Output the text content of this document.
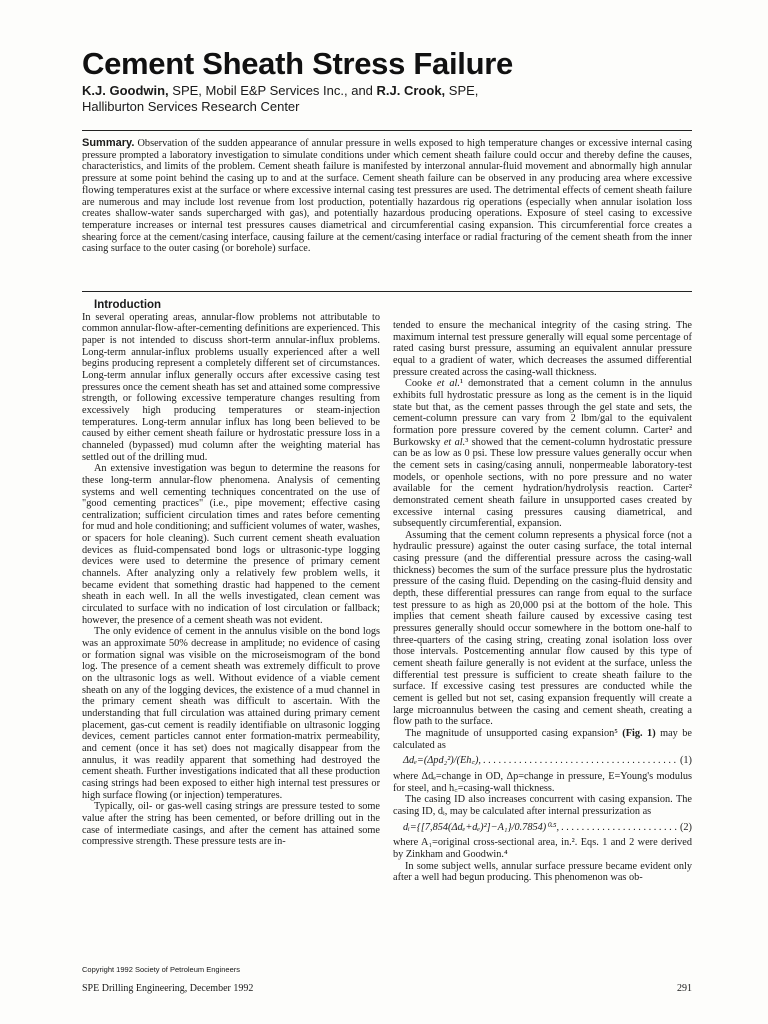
Cement Sheath Stress Failure
K.J. Goodwin, SPE, Mobil E&P Services Inc., and R.J. Crook, SPE,
Halliburton Services Research Center

Summary. Observation of the sudden appearance of annular pressure in wells exposed to high temperature changes or excessive internal casing pressure prompted a laboratory investigation to simulate conditions under which cement sheath failure could occur and thereby define the causes, characteristics, and limits of the problem. Cement sheath failure is manifested by interzonal annular-fluid movement and abnormally high annular pressure at some point behind the casing up to and at the surface. Cement sheath failure can be observed in any producing area where excessive flowing temperatures exist at the surface or where excessive internal casing test pressures are used. The detrimental effects of cement sheath failure are numerous and may include lost revenue from lost production, potentially hazardous rig operations (especially when annular isolation loss creates shallow-water sands supercharged with gas), and potentially hazardous producing operations. Exposure of steel casing to excessive temperature increases or internal test pressures causes diametrical and circumferential casing expansion. This circumferential force creates a shearing force at the cement/casing interface, causing failure at the cement/casing interface or radial fracturing of the cement sheath from the inner casing surface to the outer casing (or borehole) surface.

Introduction

In several operating areas, annular-flow problems not attributable to common annular-flow-after-cementing definitions are experienced. This paper is not intended to discuss short-term annular-influx problems. Long-term annular-influx problems usually experienced after a well begins producing represent a completely different set of circumstances. Long-term annular influx generally occurs after excessive casing test pressures once the cement sheath has set and attained some compressive strength, or following excessive temperature changes resulting from excessively high producing temperatures or steam-injection temperatures. Long-term annular influx has long been believed to be caused by either cement sheath failure or hydrostatic pressure loss in a channeled (bypassed) mud column after the weighting material has settled out of the drilling mud.

An extensive investigation was begun to determine the reasons for these long-term annular-flow phenomena. Analysis of cementing systems and well cementing techniques concentrated on the use of "good cementing practices" (i.e., pipe movement; effective casing centralization; sufficient circulation times and rates before cementing for mud and hole conditioning; and sufficient volumes of water, washes, or spacers for hole cleaning). Such current cement sheath evaluation devices as fluid-compensated bond logs or ultrasonic-type logging devices were used to determine the presence of primary cement channels. After analyzing only a relatively few problem wells, it became evident that something drastic had happened to the cement sheath in each well. In all the wells investigated, clean cement was circulated to surface with no indication of lost circulation or fallback; however, the presence of a cement sheath was not evident.

The only evidence of cement in the annulus visible on the bond logs was an approximate 50% decrease in amplitude; no evidence of casing or formation signal was visible on the microseismogram of the bond log. The presence of a cement sheath was extremely difficult to prove on the ultrasonic logs as well. Without evidence of a viable cement sheath on any of the logging devices, the existence of a mud channel in the primary cement sheath was difficult to ascertain. With the understanding that full circulation was attained during primary cement placement, gas-cut cement is readily identifiable on ultrasonic logging devices, cement particles cannot enter formation-matrix permeability, and cement (once it has set) does not magically disappear from the annulus, it was readily apparent that something had destroyed the cement sheath. Further investigations indicated that all these production casing strings had been exposed to either high internal test pressures or high surface flowing (or injection) temperatures.

Typically, oil- or gas-well casing strings are pressure tested to some value after the string has been cemented, or before drilling out in the case of intermediate casings, and after the cement has attained some compressive strength. These pressure tests are in-

tended to ensure the mechanical integrity of the casing string. The maximum internal test pressure generally will equal some percentage of rated casing burst pressure, assuming an equivalent annular pressure equal to a gradient of water, which decreases the assumed differential pressure created across the casing-wall thickness.

Cooke et al.¹ demonstrated that a cement column in the annulus exhibits full hydrostatic pressure as long as the cement is in the liquid state but that, as the cement passes through the gel state and sets, the cement-column pressure can vary from 2 lbm/gal to the equivalent formation pore pressure covered by the cement column. Carter² and Burkowsky et al.³ showed that the cement-column hydrostatic pressure can be as low as 0 psi. These low pressure values generally occur when the cement sets in casing/casing annuli, nonpermeable laboratory-test models, or openhole sections, with no pore pressure and no water available for the cement hydration/hydrolysis reaction. Carter² demonstrated cement sheath failure in unsupported cases created by excessive internal casing pressures causing diametrical, and subsequently circumferential, expansion.

Assuming that the cement column represents a physical force (not a hydraulic pressure) against the outer casing surface, the total internal casing pressure (and the differential pressure across the casing-wall thickness) becomes the sum of the surface pressure plus the hydrostatic pressure of the casing fluid. Depending on the casing-fluid density and depth, these differential pressures can range from equal to the surface test pressure to as high as 20,000 psi at the bottom of the hole. This implies that cement sheath failure caused by excessive casing test pressures generally should occur somewhere in the bottom one-half to three-quarters of the casing string, creating zonal isolation loss over those intervals. Postcementing annular flow caused by this type of cement sheath failure generally is not evident at the surface, unless the differential test pressure is sufficient to create sheath failure to the surface. If excessive casing test pressures are conducted while the cement is gelled but not set, casing expansion frequently will create a large microannulus between the casing and cement sheath, creating a flow path to the surface.

The magnitude of unsupported casing expansion⁵ (Fig. 1) may be calculated as

Δdₑ=(Δpd₂²)/(Eh꜀), . . .	(1)

where Δdₑ=change in OD, Δp=change in pressure, E=Young's modulus for steel, and h꜀=casing-wall thickness.

The casing ID also increases concurrent with casing expansion. The casing ID, dᵢ, may be calculated after internal pressurization as

dᵢ={[7,854(Δdₑ+dₑ)²]−A₁}/0.7854)⁰·⁵, . . .	(2)

where A₁=original cross-sectional area, in.². Eqs. 1 and 2 were derived by Zinkham and Goodwin.⁴

In some subject wells, annular surface pressure became evident only after a well had begun producing. This phenomenon was ob-

Copyright 1992 Society of Petroleum Engineers
SPE Drilling Engineering, December 1992	291
